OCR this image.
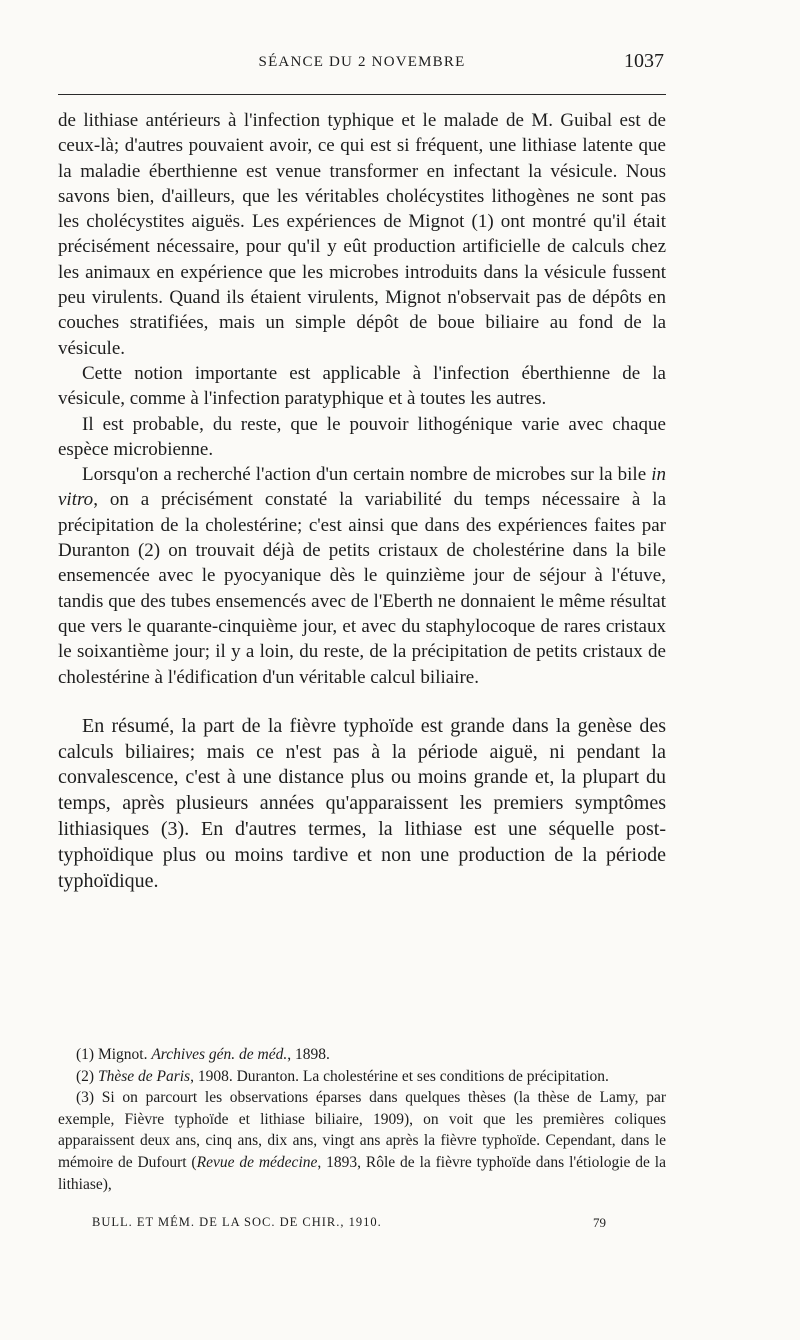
SÉANCE DU 2 NOVEMBRE	1037

de lithiase antérieurs à l'infection typhique et le malade de M. Guibal est de ceux-là; d'autres pouvaient avoir, ce qui est si fréquent, une lithiase latente que la maladie éberthienne est venue transformer en infectant la vésicule. Nous savons bien, d'ailleurs, que les véritables cholécystites lithogènes ne sont pas les cholécystites aiguës. Les expériences de Mignot (1) ont montré qu'il était précisément nécessaire, pour qu'il y eût production artificielle de calculs chez les animaux en expérience que les microbes introduits dans la vésicule fussent peu virulents. Quand ils étaient virulents, Mignot n'observait pas de dépôts en couches stratifiées, mais un simple dépôt de boue biliaire au fond de la vésicule.

Cette notion importante est applicable à l'infection éberthienne de la vésicule, comme à l'infection paratyphique et à toutes les autres.

Il est probable, du reste, que le pouvoir lithogénique varie avec chaque espèce microbienne.

Lorsqu'on a recherché l'action d'un certain nombre de microbes sur la bile in vitro, on a précisément constaté la variabilité du temps nécessaire à la précipitation de la cholestérine; c'est ainsi que dans des expériences faites par Duranton (2) on trouvait déjà de petits cristaux de cholestérine dans la bile ensemencée avec le pyocyanique dès le quinzième jour de séjour à l'étuve, tandis que des tubes ensemencés avec de l'Eberth ne donnaient le même résultat que vers le quarante-cinquième jour, et avec du staphylocoque de rares cristaux le soixantième jour; il y a loin, du reste, de la précipitation de petits cristaux de cholestérine à l'édification d'un véritable calcul biliaire.

En résumé, la part de la fièvre typhoïde est grande dans la genèse des calculs biliaires; mais ce n'est pas à la période aiguë, ni pendant la convalescence, c'est à une distance plus ou moins grande et, la plupart du temps, après plusieurs années qu'apparaissent les premiers symptômes lithiasiques (3). En d'autres termes, la lithiase est une séquelle post-typhoïdique plus ou moins tardive et non une production de la période typhoïdique.

(1) Mignot. Archives gén. de méd., 1898.

(2) Thèse de Paris, 1908. Duranton. La cholestérine et ses conditions de précipitation.

(3) Si on parcourt les observations éparses dans quelques thèses (la thèse de Lamy, par exemple, Fièvre typhoïde et lithiase biliaire, 1909), on voit que les premières coliques apparaissent deux ans, cinq ans, dix ans, vingt ans après la fièvre typhoïde. Cependant, dans le mémoire de Dufourt (Revue de médecine, 1893, Rôle de la fièvre typhoïde dans l'étiologie de la lithiase),

BULL. ET MÉM. DE LA SOC. DE CHIR., 1910.	79
